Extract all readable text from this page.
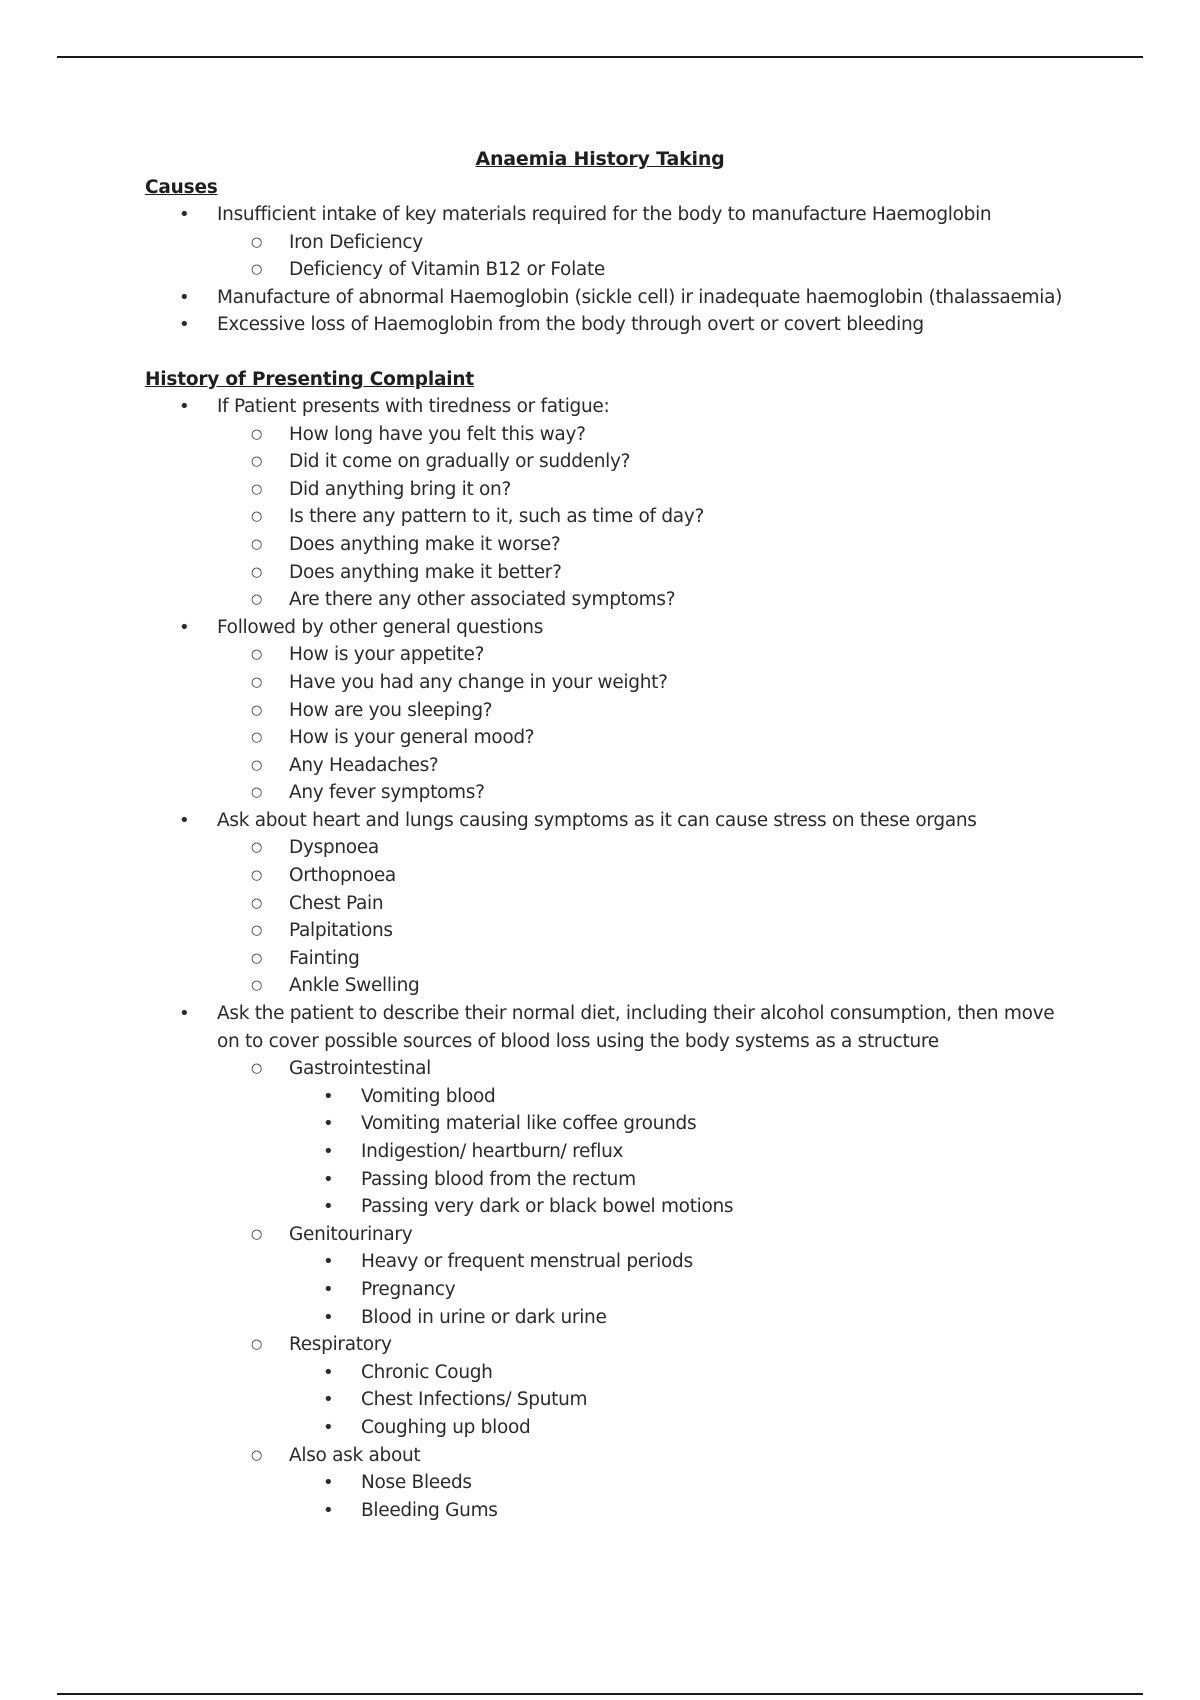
Anaemia History Taking
Causes
• Insufficient intake of key materials required for the body to manufacture Haemoglobin
○ Iron Deficiency
○ Deficiency of Vitamin B12 or Folate
• Manufacture of abnormal Haemoglobin (sickle cell) ir inadequate haemoglobin (thalassaemia)
• Excessive loss of Haemoglobin from the body through overt or covert bleeding
History of Presenting Complaint
• If Patient presents with tiredness or fatigue:
○ How long have you felt this way?
○ Did it come on gradually or suddenly?
○ Did anything bring it on?
○ Is there any pattern to it, such as time of day?
○ Does anything make it worse?
○ Does anything make it better?
○ Are there any other associated symptoms?
• Followed by other general questions
○ How is your appetite?
○ Have you had any change in your weight?
○ How are you sleeping?
○ How is your general mood?
○ Any Headaches?
○ Any fever symptoms?
• Ask about heart and lungs causing symptoms as it can cause stress on these organs
○ Dyspnoea
○ Orthopnoea
○ Chest Pain
○ Palpitations
○ Fainting
○ Ankle Swelling
• Ask the patient to describe their normal diet, including their alcohol consumption, then move on to cover possible sources of blood loss using the body systems as a structure
○ Gastrointestinal
• Vomiting blood
• Vomiting material like coffee grounds
• Indigestion/ heartburn/ reflux
• Passing blood from the rectum
• Passing very dark or black bowel motions
○ Genitourinary
• Heavy or frequent menstrual periods
• Pregnancy
• Blood in urine or dark urine
○ Respiratory
• Chronic Cough
• Chest Infections/ Sputum
• Coughing up blood
○ Also ask about
• Nose Bleeds
• Bleeding Gums
